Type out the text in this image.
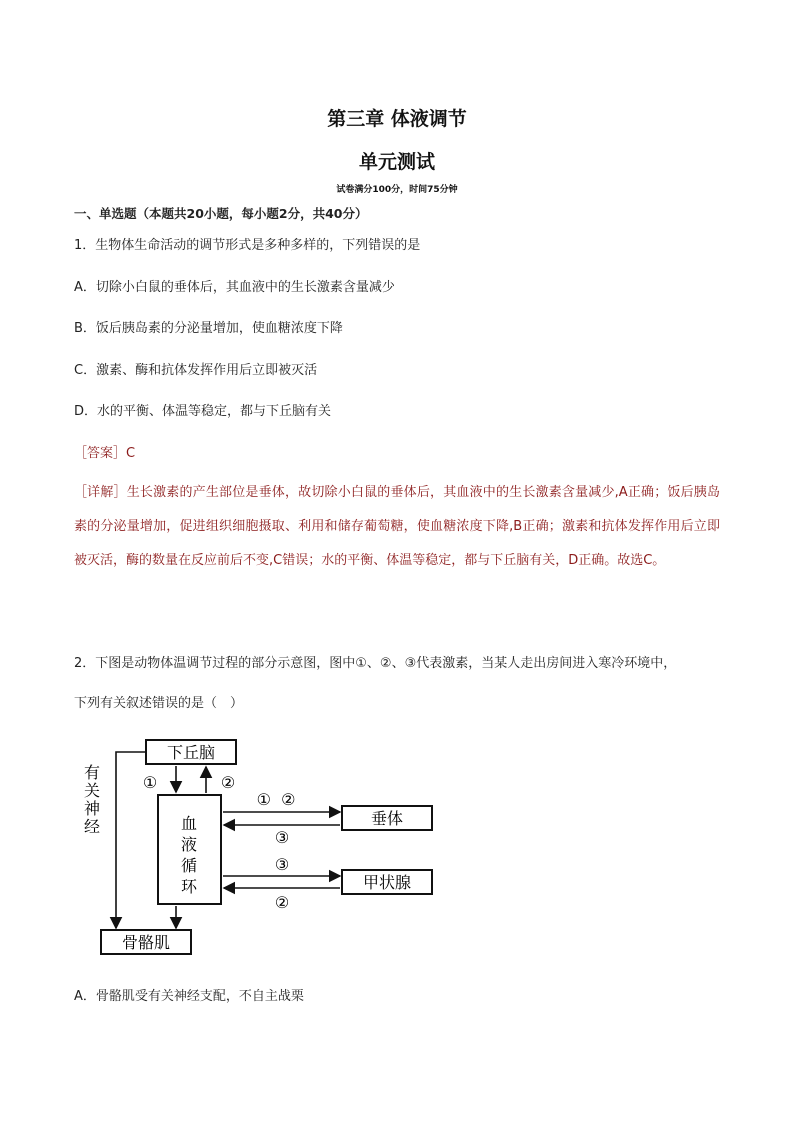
第三章 体液调节
单元测试
试卷满分100分，时间75分钟
一、单选题（本题共20小题，每小题2分，共40分）
1．生物体生命活动的调节形式是多种多样的，下列错误的是
A．切除小白鼠的垂体后，其血液中的生长激素含量减少
B．饭后胰岛素的分泌量增加，使血糖浓度下降
C．激素、酶和抗体发挥作用后立即被灭活
D．水的平衡、体温等稳定，都与下丘脑有关
［答案］C
［详解］生长激素的产生部位是垂体，故切除小白鼠的垂体后，其血液中的生长激素含量减少,A正确；饭后胰岛素的分泌量增加，促进组织细胞摄取、利用和储存葡萄糖，使血糖浓度下降,B正确；激素和抗体发挥作用后立即被灭活，酶的数量在反应前后不变,C错误；水的平衡、体温等稳定，都与下丘脑有关，D正确。故选C。
2．下图是动物体温调节过程的部分示意图，图中①、②、③代表激素，当某人走出房间进入寒冷环境中，
下列有关叙述错误的是（　）
下丘脑
血
液
循
环
垂体
甲状腺
骨骼肌
有
关
神
经
①	②
①  ②
③
③
②
A．骨骼肌受有关神经支配，不自主战栗
